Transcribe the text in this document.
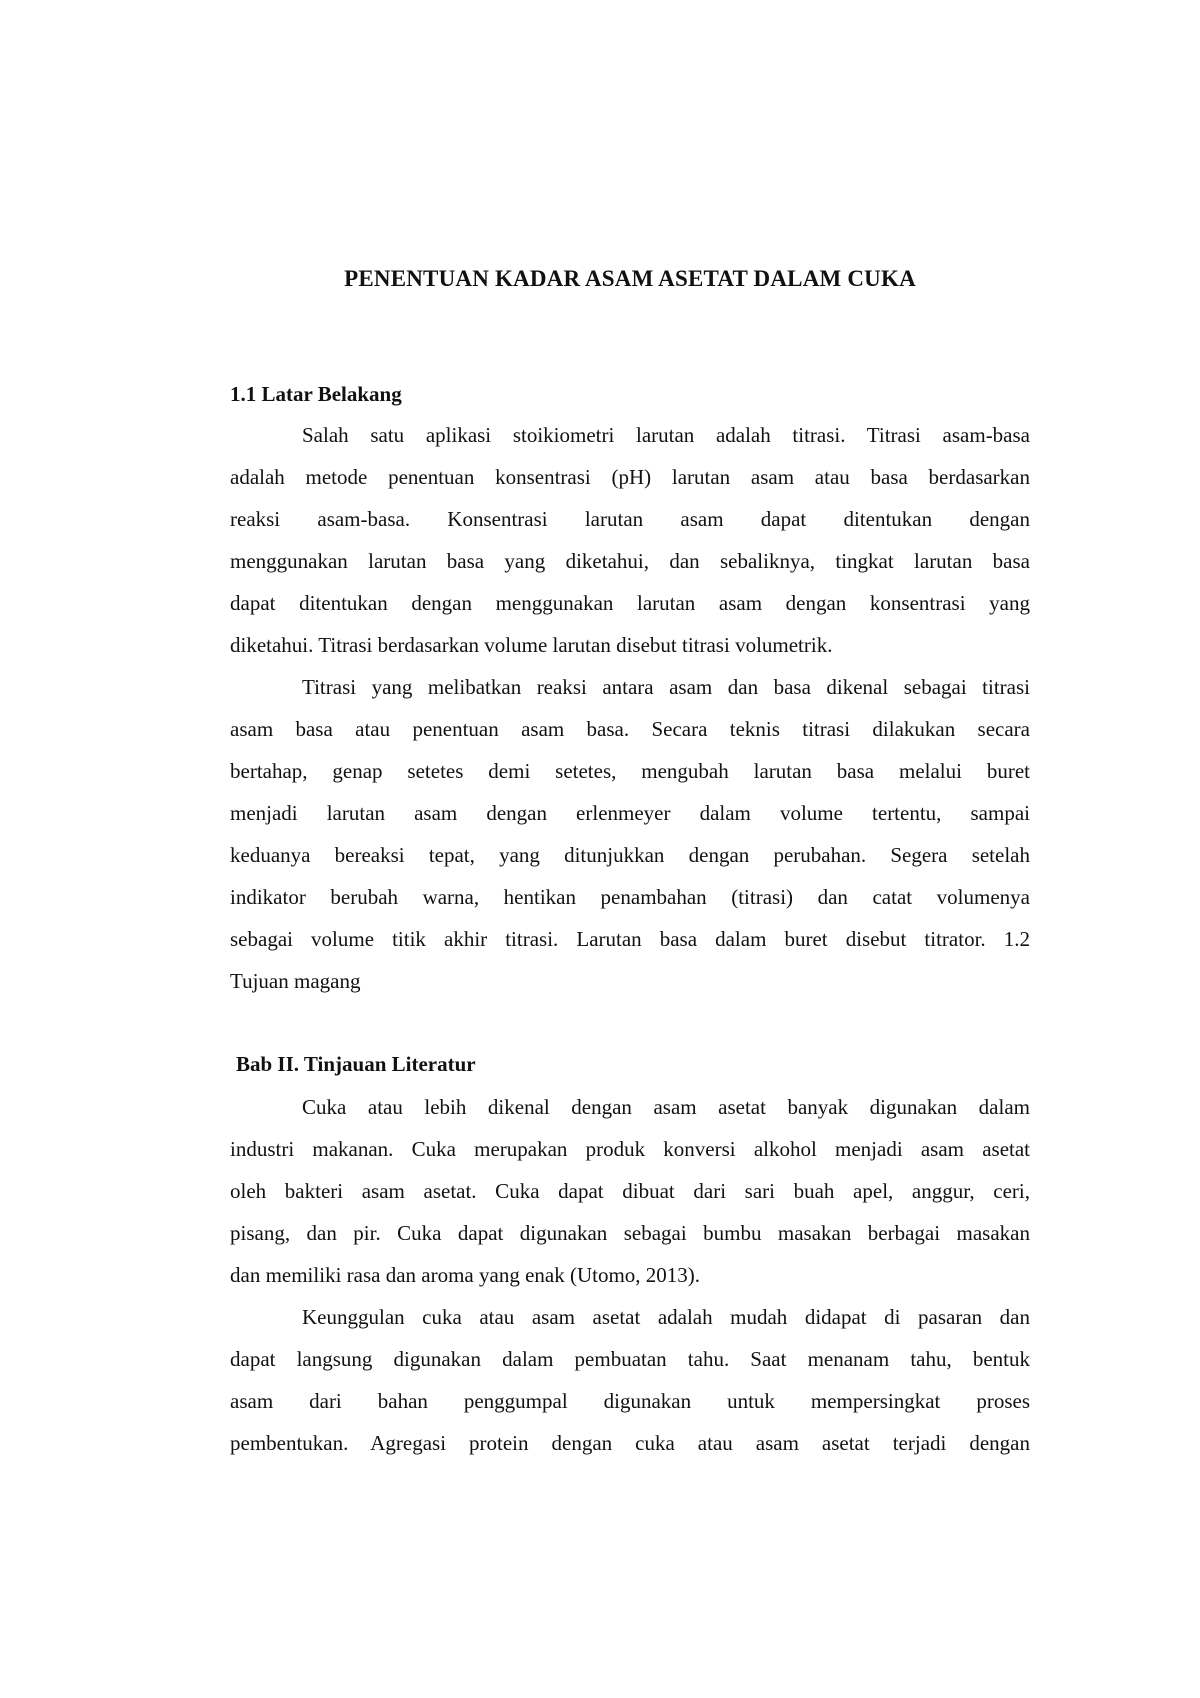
PENENTUAN KADAR ASAM ASETAT DALAM CUKA
1.1 Latar Belakang

Salah satu aplikasi stoikiometri larutan adalah titrasi. Titrasi asam-basa
adalah metode penentuan konsentrasi (pH) larutan asam atau basa berdasarkan
reaksi asam-basa. Konsentrasi larutan asam dapat ditentukan dengan
menggunakan larutan basa yang diketahui, dan sebaliknya, tingkat larutan basa
dapat ditentukan dengan menggunakan larutan asam dengan konsentrasi yang
diketahui. Titrasi berdasarkan volume larutan disebut titrasi volumetrik.

Titrasi yang melibatkan reaksi antara asam dan basa dikenal sebagai titrasi
asam basa atau penentuan asam basa. Secara teknis titrasi dilakukan secara
bertahap, genap setetes demi setetes, mengubah larutan basa melalui buret
menjadi larutan asam dengan erlenmeyer dalam volume tertentu, sampai
keduanya bereaksi tepat, yang ditunjukkan dengan perubahan. Segera setelah
indikator berubah warna, hentikan penambahan (titrasi) dan catat volumenya
sebagai volume titik akhir titrasi. Larutan basa dalam buret disebut titrator. 1.2
Tujuan magang

Bab II. Tinjauan Literatur

Cuka atau lebih dikenal dengan asam asetat banyak digunakan dalam
industri makanan. Cuka merupakan produk konversi alkohol menjadi asam asetat
oleh bakteri asam asetat. Cuka dapat dibuat dari sari buah apel, anggur, ceri,
pisang, dan pir. Cuka dapat digunakan sebagai bumbu masakan berbagai masakan
dan memiliki rasa dan aroma yang enak (Utomo, 2013).

Keunggulan cuka atau asam asetat adalah mudah didapat di pasaran dan
dapat langsung digunakan dalam pembuatan tahu. Saat menanam tahu, bentuk
asam dari bahan penggumpal digunakan untuk mempersingkat proses
pembentukan. Agregasi protein dengan cuka atau asam asetat terjadi dengan
